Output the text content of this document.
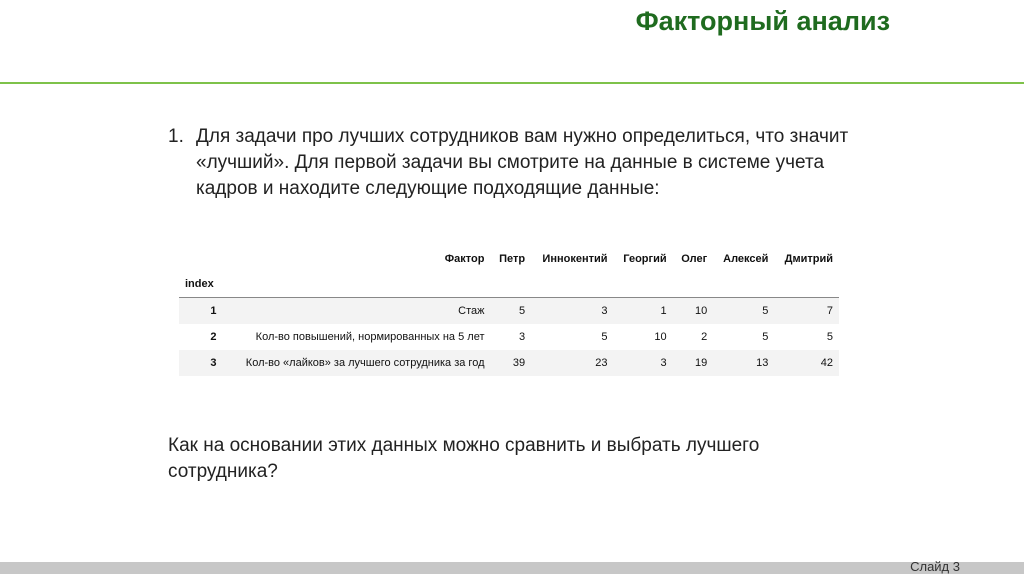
Факторный анализ
1. Для задачи про лучших сотрудников вам нужно определиться, что значит «лучший». Для первой задачи вы смотрите на данные в системе учета кадров и находите следующие подходящие данные:
	Фактор	Петр	Иннокентий	Георгий	Олег	Алексей	Дмитрий
index							
1	Стаж	5	3	1	10	5	7
2	Кол-во повышений, нормированных на 5 лет	3	5	10	2	5	5
3	Кол-во «лайков» за лучшего сотрудника за год	39	23	3	19	13	42
Как на основании этих данных можно сравнить и выбрать лучшего сотрудника?
Слайд 3
